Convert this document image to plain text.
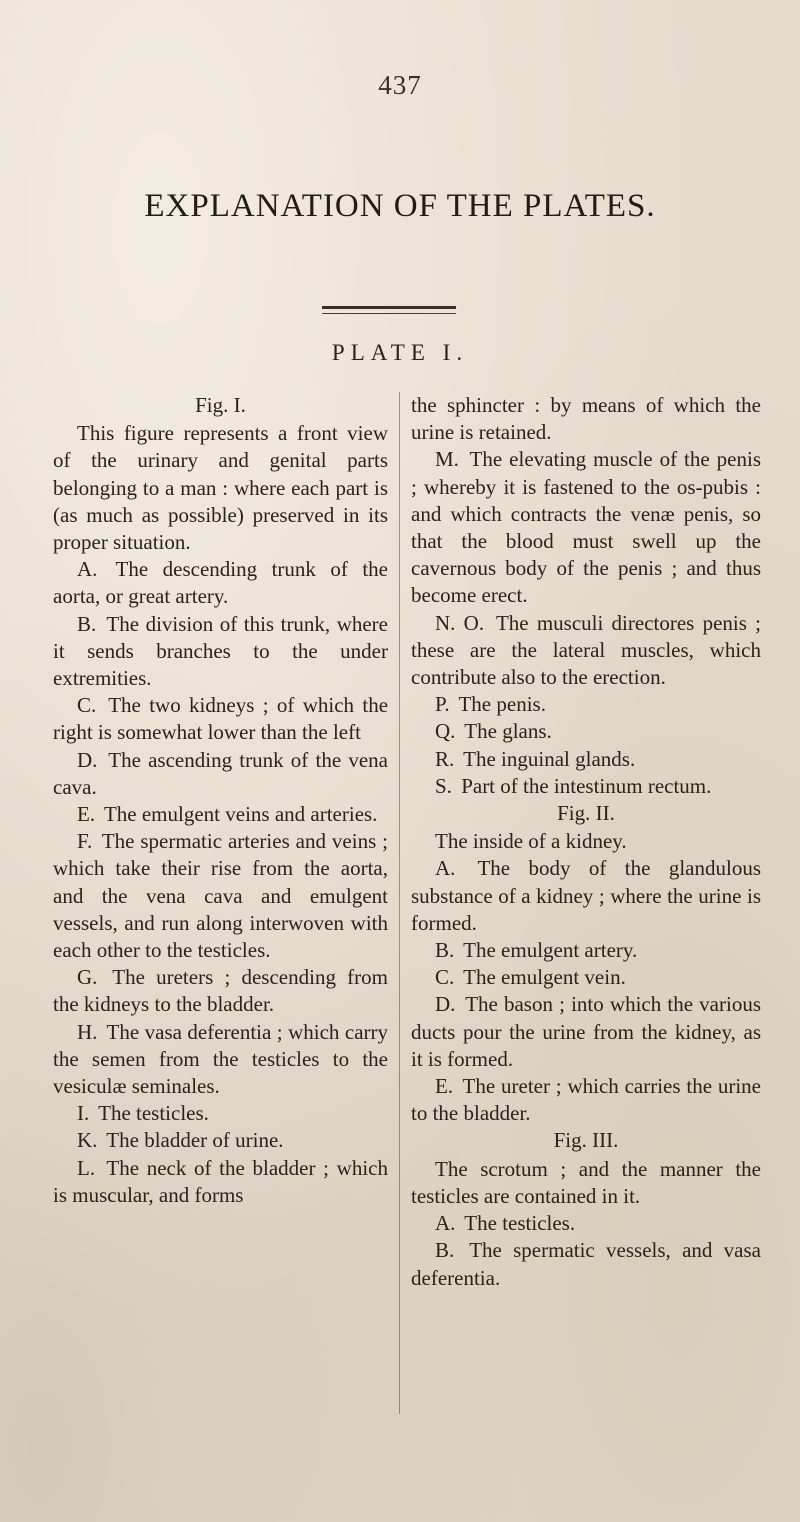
437
EXPLANATION OF THE PLATES.
PLATE I.
Fig. I.

This figure represents a front view of the urinary and genital parts belonging to a man : where each part is (as much as possible) preserved in its proper situation.

A. The descending trunk of the aorta, or great artery.

B. The division of this trunk, where it sends branches to the under extremities.

C. The two kidneys ; of which the right is somewhat lower than the left

D. The ascending trunk of the vena cava.

E. The emulgent veins and arteries.

F. The spermatic arteries and veins ; which take their rise from the aorta, and the vena cava and emulgent vessels, and run along interwoven with each other to the testicles.

G. The ureters ; descending from the kidneys to the bladder.

H. The vasa deferentia ; which carry the semen from the testicles to the vesiculæ seminales.

I. The testicles.

K. The bladder of urine.

L. The neck of the bladder ; which is muscular, and forms

the sphincter : by means of which the urine is retained.

M. The elevating muscle of the penis ; whereby it is fastened to the os-pubis : and which contracts the venæ penis, so that the blood must swell up the cavernous body of the penis ; and thus become erect.

N. O. The musculi directores penis ; these are the lateral muscles, which contribute also to the erection.

P. The penis.

Q. The glans.

R. The inguinal glands.

S. Part of the intestinum rectum.

Fig. II.

The inside of a kidney.

A. The body of the glandulous substance of a kidney ; where the urine is formed.

B. The emulgent artery.

C. The emulgent vein.

D. The bason ; into which the various ducts pour the urine from the kidney, as it is formed.

E. The ureter ; which carries the urine to the bladder.

Fig. III.

The scrotum ; and the manner the testicles are contained in it.

A. The testicles.

B. The spermatic vessels, and vasa deferentia.
